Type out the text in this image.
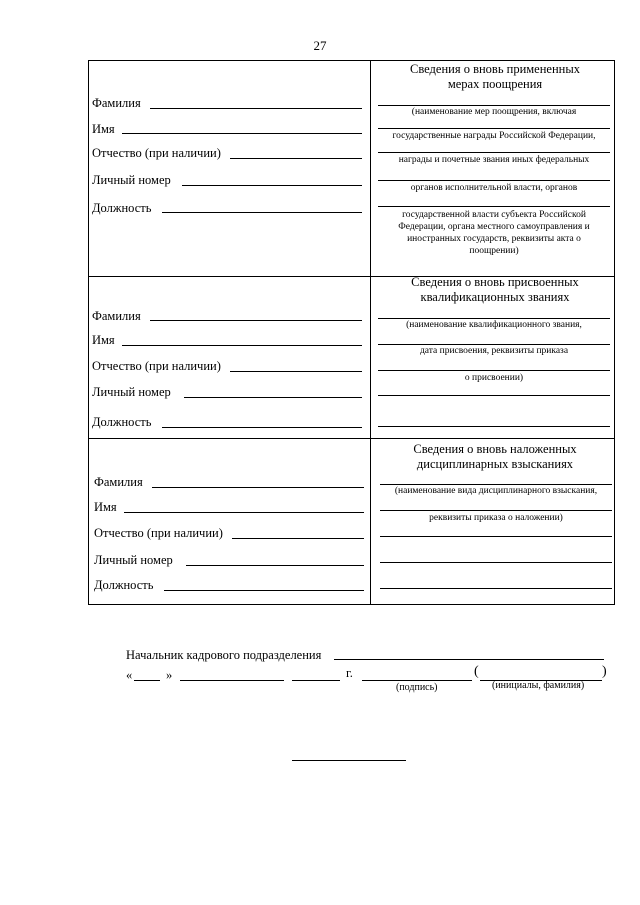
27
Фамилия
Имя
Отчество (при наличии)
Личный номер
Должность
Сведения о вновь примененных мерах поощрения
(наименование мер поощрения, включая
государственные награды Российской Федерации,
награды и почетные звания иных федеральных
органов исполнительной власти, органов
государственной власти субъекта Российской Федерации, органа местного самоуправления и иностранных государств, реквизиты акта о поощрении)
Фамилия
Имя
Отчество (при наличии)
Личный номер
Должность
Сведения о вновь присвоенных квалификационных званиях
(наименование квалификационного звания,
дата присвоения, реквизиты приказа
о присвоении)
Фамилия
Имя
Отчество (при наличии)
Личный номер
Должность
Сведения о вновь наложенных дисциплинарных взысканиях
(наименование вида дисциплинарного взыскания,
реквизиты приказа о наложении)
Начальник кадрового подразделения
«	»	г.	(	)
(подпись)	(инициалы, фамилия)
